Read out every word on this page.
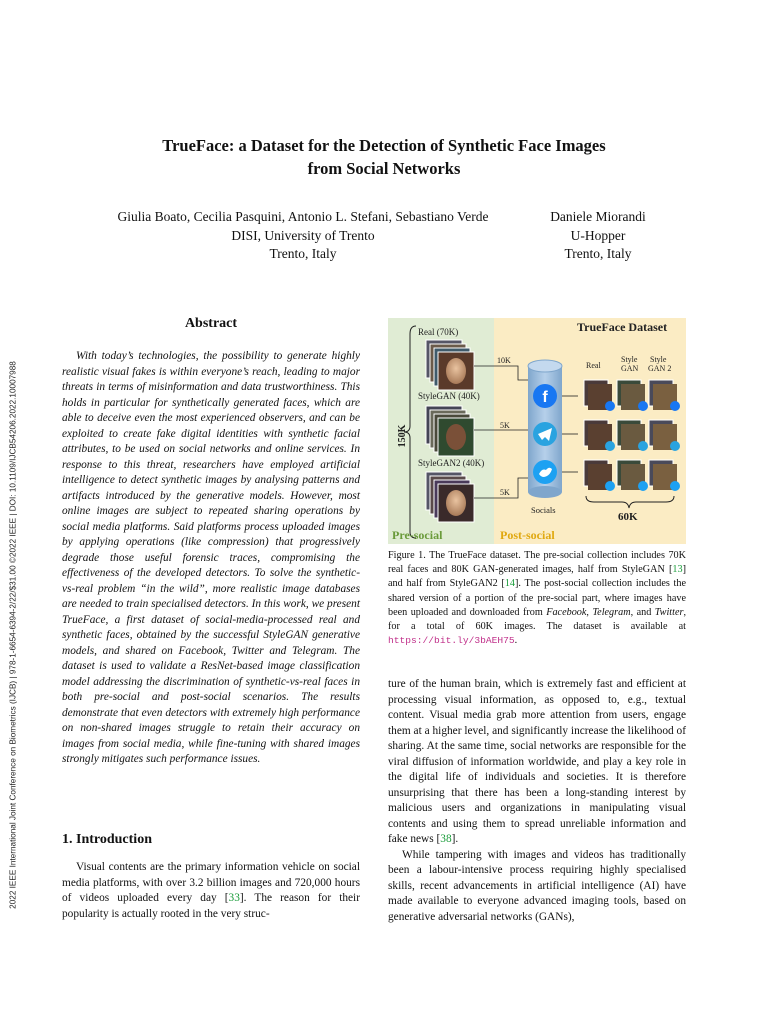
2022 IEEE International Joint Conference on Biometrics (IJCB) | 978-1-6654-6394-2/22/$31.00 ©2022 IEEE | DOI: 10.1109/IJCB54206.2022.10007988
TrueFace: a Dataset for the Detection of Synthetic Face Images
from Social Networks
Giulia Boato, Cecilia Pasquini, Antonio L. Stefani, Sebastiano Verde
DISI, University of Trento
Trento, Italy
Daniele Miorandi
U-Hopper
Trento, Italy
Abstract

With today’s technologies, the possibility to generate highly realistic visual fakes is within everyone’s reach, leading to major threats in terms of misinformation and data trustworthiness. This holds in particular for synthetically generated faces, which are able to deceive even the most experienced observers, and can be exploited to create fake digital identities with synthetic facial attributes, to be used on social networks and online services. In response to this threat, researchers have employed artificial intelligence to detect synthetic images by analysing patterns and artifacts introduced by the generative models. However, most online images are subject to repeated sharing operations by social media platforms. Said platforms process uploaded images by applying operations (like compression) that progressively degrade those useful forensic traces, compromising the effectiveness of the developed detectors. To solve the synthetic-vs-real problem “in the wild”, more realistic image databases are needed to train specialised detectors. In this work, we present TrueFace, a first dataset of social-media-processed real and synthetic faces, obtained by the successful StyleGAN generative models, and shared on Facebook, Twitter and Telegram. The dataset is used to validate a ResNet-based image classification model addressing the discrimination of synthetic-vs-real faces in both pre-social and post-social scenarios. The results demonstrate that even detectors with extremely high performance on non-shared images struggle to retain their accuracy on images from social media, while fine-tuning with shared images strongly mitigates such performance issues.

1. Introduction

Visual contents are the primary information vehicle on social media platforms, with over 3.2 billion images and 720,000 hours of videos uploaded every day [33]. The reason for their popularity is actually rooted in the very struc-

TrueFace Dataset
150K
Real (70K)
StyleGAN (40K)
StyleGAN2 (40K)
10K
5K
5K
f
Socials
Real
Style
GAN
Style
GAN 2
60K
Pre-social	Post-social
Figure 1. The TrueFace dataset. The pre-social collection includes 70K real faces and 80K GAN-generated images, half from StyleGAN [13] and half from StyleGAN2 [14]. The post-social collection includes the shared version of a portion of the pre-social part, where images have been uploaded and downloaded from Facebook, Telegram, and Twitter, for a total of 60K images. The dataset is available at https://bit.ly/3bAEH75.

ture of the human brain, which is extremely fast and efficient at processing visual information, as opposed to, e.g., textual content. Visual media grab more attention from users, engage them at a higher level, and significantly increase the likelihood of sharing. At the same time, social networks are responsible for the viral diffusion of information worldwide, and play a key role in the digital life of individuals and societies. It is therefore unsurprising that there has been a long-standing interest by malicious users and organizations in manipulating visual contents and using them to spread unreliable information and fake news [38].

While tampering with images and videos has traditionally been a labour-intensive process requiring highly specialised skills, recent advancements in artificial intelligence (AI) have made available to everyone advanced imaging tools, based on generative adversarial networks (GANs),
